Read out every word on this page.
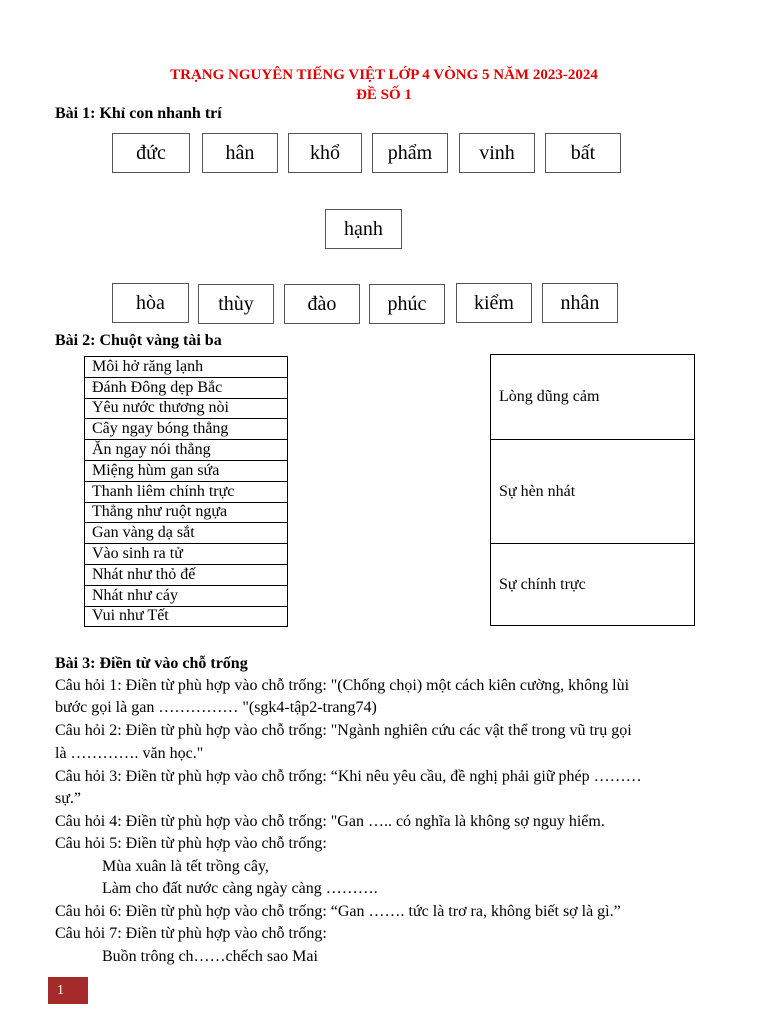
TRẠNG NGUYÊN TIẾNG VIỆT LỚP 4 VÒNG 5 NĂM 2023-2024
ĐỀ SỐ 1
Bài 1: Khỉ con nhanh trí
đức	hân	khổ	phẩm	vinh	bất
hạnh
hòa	thùy	đào	phúc	kiểm	nhân
Bài 2: Chuột vàng tài ba
Môi hở răng lạnh
Đánh Đông dẹp Bắc
Yêu nước thương nòi
Cây ngay bóng thẳng
Ăn ngay nói thẳng
Miệng hùm gan sứa
Thanh liêm chính trực
Thẳng như ruột ngựa
Gan vàng dạ sắt
Vào sinh ra tử
Nhát như thỏ đế
Nhát như cáy
Vui như Tết
Lòng dũng cảm
Sự hèn nhát
Sự chính trực
Bài 3: Điền từ vào chỗ trống
Câu hỏi 1: Điền từ phù hợp vào chỗ trống: "(Chống chọi) một cách kiên cường, không lùi
bước gọi là gan …………… "(sgk4-tập2-trang74)
Câu hỏi 2: Điền từ phù hợp vào chỗ trống: "Ngành nghiên cứu các vật thể trong vũ trụ gọi
là …………. văn học."
Câu hỏi 3: Điền từ phù hợp vào chỗ trống: “Khi nêu yêu cầu, đề nghị phải giữ phép ………
sự.”
Câu hỏi 4: Điền từ phù hợp vào chỗ trống: "Gan ….. có nghĩa là không sợ nguy hiểm.
Câu hỏi 5: Điền từ phù hợp vào chỗ trống:
Mùa xuân là tết trồng cây,
Làm cho đất nước càng ngày càng ……….
Câu hỏi 6: Điền từ phù hợp vào chỗ trống: “Gan ……. tức là trơ ra, không biết sợ là gì.”
Câu hỏi 7: Điền từ phù hợp vào chỗ trống:
Buồn trông ch……chếch sao Mai
1
